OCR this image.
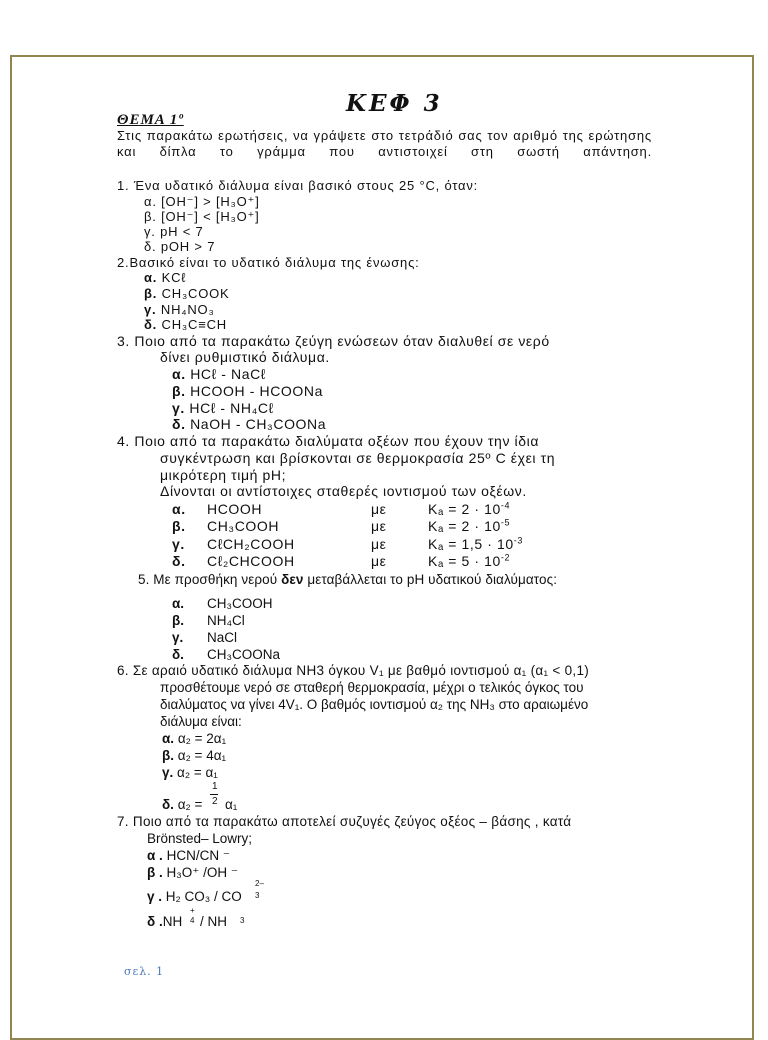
ΚΕΦ 3
ΘΕΜΑ 1º
Στις παρακάτω ερωτήσεις, να γράψετε στο τετράδιό σας τον αριθμό της ερώτησης και δίπλα το γράμμα που αντιστοιχεί στη σωστή απάντηση.
1. Ένα υδατικό διάλυμα είναι βασικό στους 25 °C, όταν:
α. [OH⁻] > [H₃O⁺]
β. [OH⁻] < [H₃O⁺]
γ. pH < 7
δ. pOH > 7
2.Βασικό είναι το υδατικό διάλυμα της ένωσης:
α. KCℓ
β. CH₃COOK
γ. NH₄NO₃
δ. CH₃C≡CH
3. Ποιο από τα παρακάτω ζεύγη ενώσεων όταν διαλυθεί σε νερό
δίνει ρυθμιστικό διάλυμα.
α. HCℓ - NaCℓ
β. HCOOH - HCOONa
γ. HCℓ - NH₄Cℓ
δ. NaOH - CH₃COONa
4. Ποιο από τα παρακάτω διαλύματα οξέων που έχουν την ίδια
συγκέντρωση και βρίσκονται σε θερμοκρασία 25º C έχει τη
μικρότερη τιμή pH;
Δίνονται οι αντίστοιχες σταθερές ιοντισμού των οξέων.
α. HCOOH	με	$K_a = 2 \cdot 10^{-4}$
β. CH₃COOH	με	$K_a = 2 \cdot 10^{-5}$
γ. CℓCH₂COOH	με	$K_a = 1,5 \cdot 10^{-3}$
δ. Cℓ₂CHCOOH	με	$K_a = 5 \cdot 10^{-2}$
5. Με προσθήκη νερού δεν μεταβάλλεται το pH υδατικού διαλύματος:
α. CH₃COOH
β. NH₄Cl
γ. NaCl
δ. CH₃COONa
6. Σε αραιό υδατικό διάλυμα NH3 όγκου V₁ με βαθμό ιοντισμού α₁ (α₁ < 0,1)
προσθέτουμε νερό σε σταθερή θερμοκρασία, μέχρι ο τελικός όγκος του
διαλύματος να γίνει 4V₁. Ο βαθμός ιοντισμού α₂ της NH₃ στο αραιωμένο
διάλυμα είναι:
α. α₂ = 2α₁
β. α₂ = 4α₁
γ. α₂ = α₁
1
2
δ. α₂ = α₁
7. Ποιο από τα παρακάτω αποτελεί συζυγές ζεύγος οξέος – βάσης , κατά
Brönsted– Lowry;
α . HCN/CN ⁻
β . H₃O⁺ /OH ⁻
γ . H₂ CO₃ / CO
2–
3
δ .NH
+
4 / NH 3
σελ. 1
